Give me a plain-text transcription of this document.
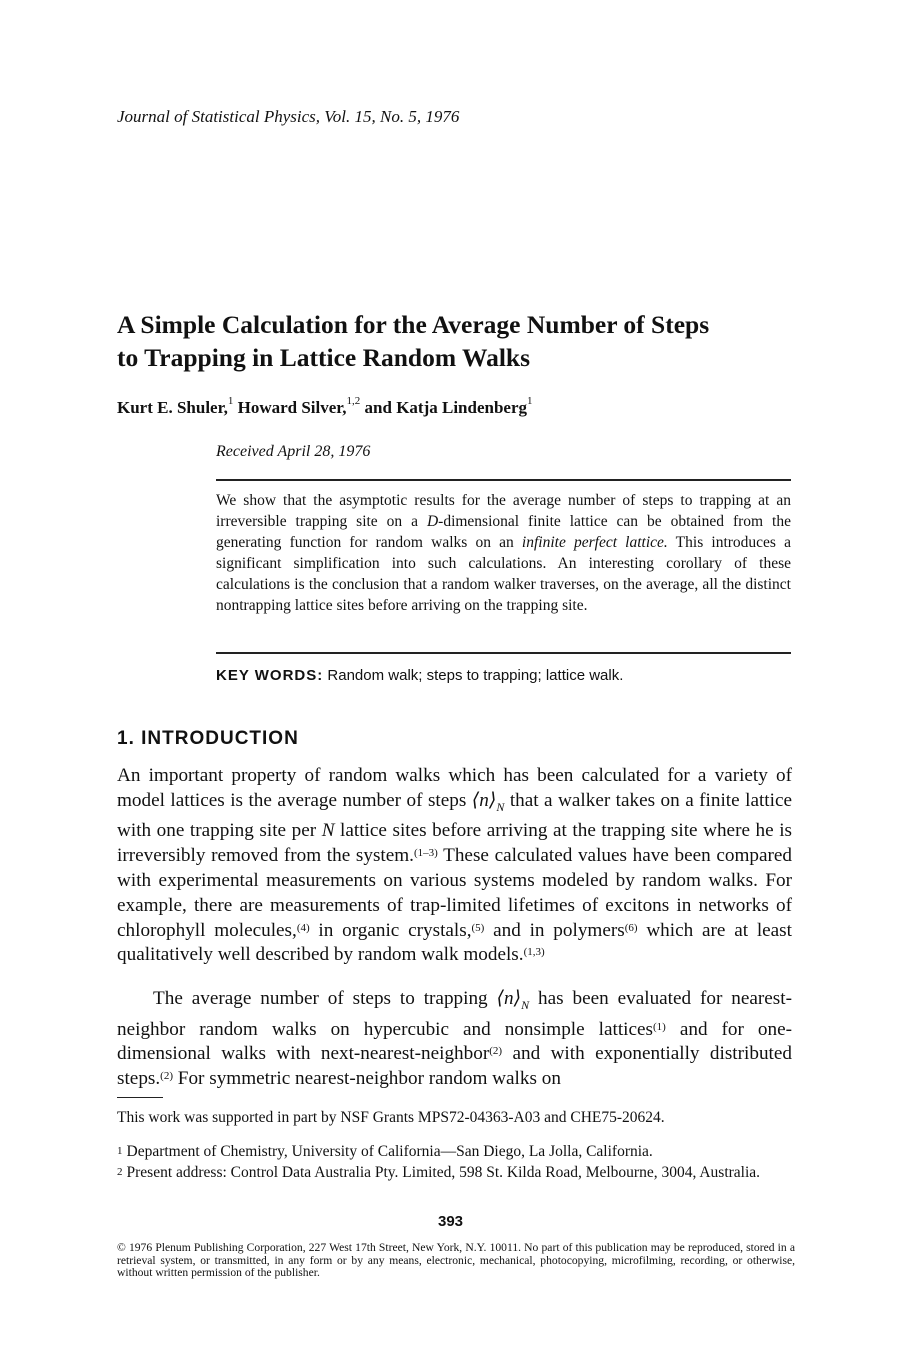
Journal of Statistical Physics, Vol. 15, No. 5, 1976
A Simple Calculation for the Average Number of Steps
to Trapping in Lattice Random Walks
Kurt E. Shuler,$^1$ Howard Silver,$^{1,2}$ and Katja Lindenberg$^1$
Received April 28, 1976

We show that the asymptotic results for the average number of steps to trapping at an irreversible trapping site on a D-dimensional finite lattice can be obtained from the generating function for random walks on an infinite perfect lattice. This introduces a significant simplification into such calculations. An interesting corollary of these calculations is the conclusion that a random walker traverses, on the average, all the distinct nontrapping lattice sites before arriving on the trapping site.

KEY WORDS: Random walk; steps to trapping; lattice walk.
1. INTRODUCTION

An important property of random walks which has been calculated for a variety of model lattices is the average number of steps $⟨n⟩_N$ that a walker takes on a finite lattice with one trapping site per N lattice sites before arriving at the trapping site where he is irreversibly removed from the system.$^{(1-3)}$ These calculated values have been compared with experimental measurements on various systems modeled by random walks. For example, there are measurements of trap-limited lifetimes of excitons in networks of chlorophyll molecules,$^{(4)}$ in organic crystals,$^{(5)}$ and in polymers$^{(6)}$ which are at least qualitatively well described by random walk models.$^{(1,3)}$

The average number of steps to trapping $⟨n⟩_N$ has been evaluated for nearest-neighbor random walks on hypercubic and nonsimple lattices$^{(1)}$ and for one-dimensional walks with next-nearest-neighbor$^{(2)}$ and with exponentially distributed steps.$^{(2)}$ For symmetric nearest-neighbor random walks on

This work was supported in part by NSF Grants MPS72-04363-A03 and CHE75-20624.

$^1$ Department of Chemistry, University of California—San Diego, La Jolla, California.

$^2$ Present address: Control Data Australia Pty. Limited, 598 St. Kilda Road, Melbourne, 3004, Australia.

393

© 1976 Plenum Publishing Corporation, 227 West 17th Street, New York, N.Y. 10011. No part of this publication may be reproduced, stored in a retrieval system, or transmitted, in any form or by any means, electronic, mechanical, photocopying, microfilming, recording, or otherwise, without written permission of the publisher.
